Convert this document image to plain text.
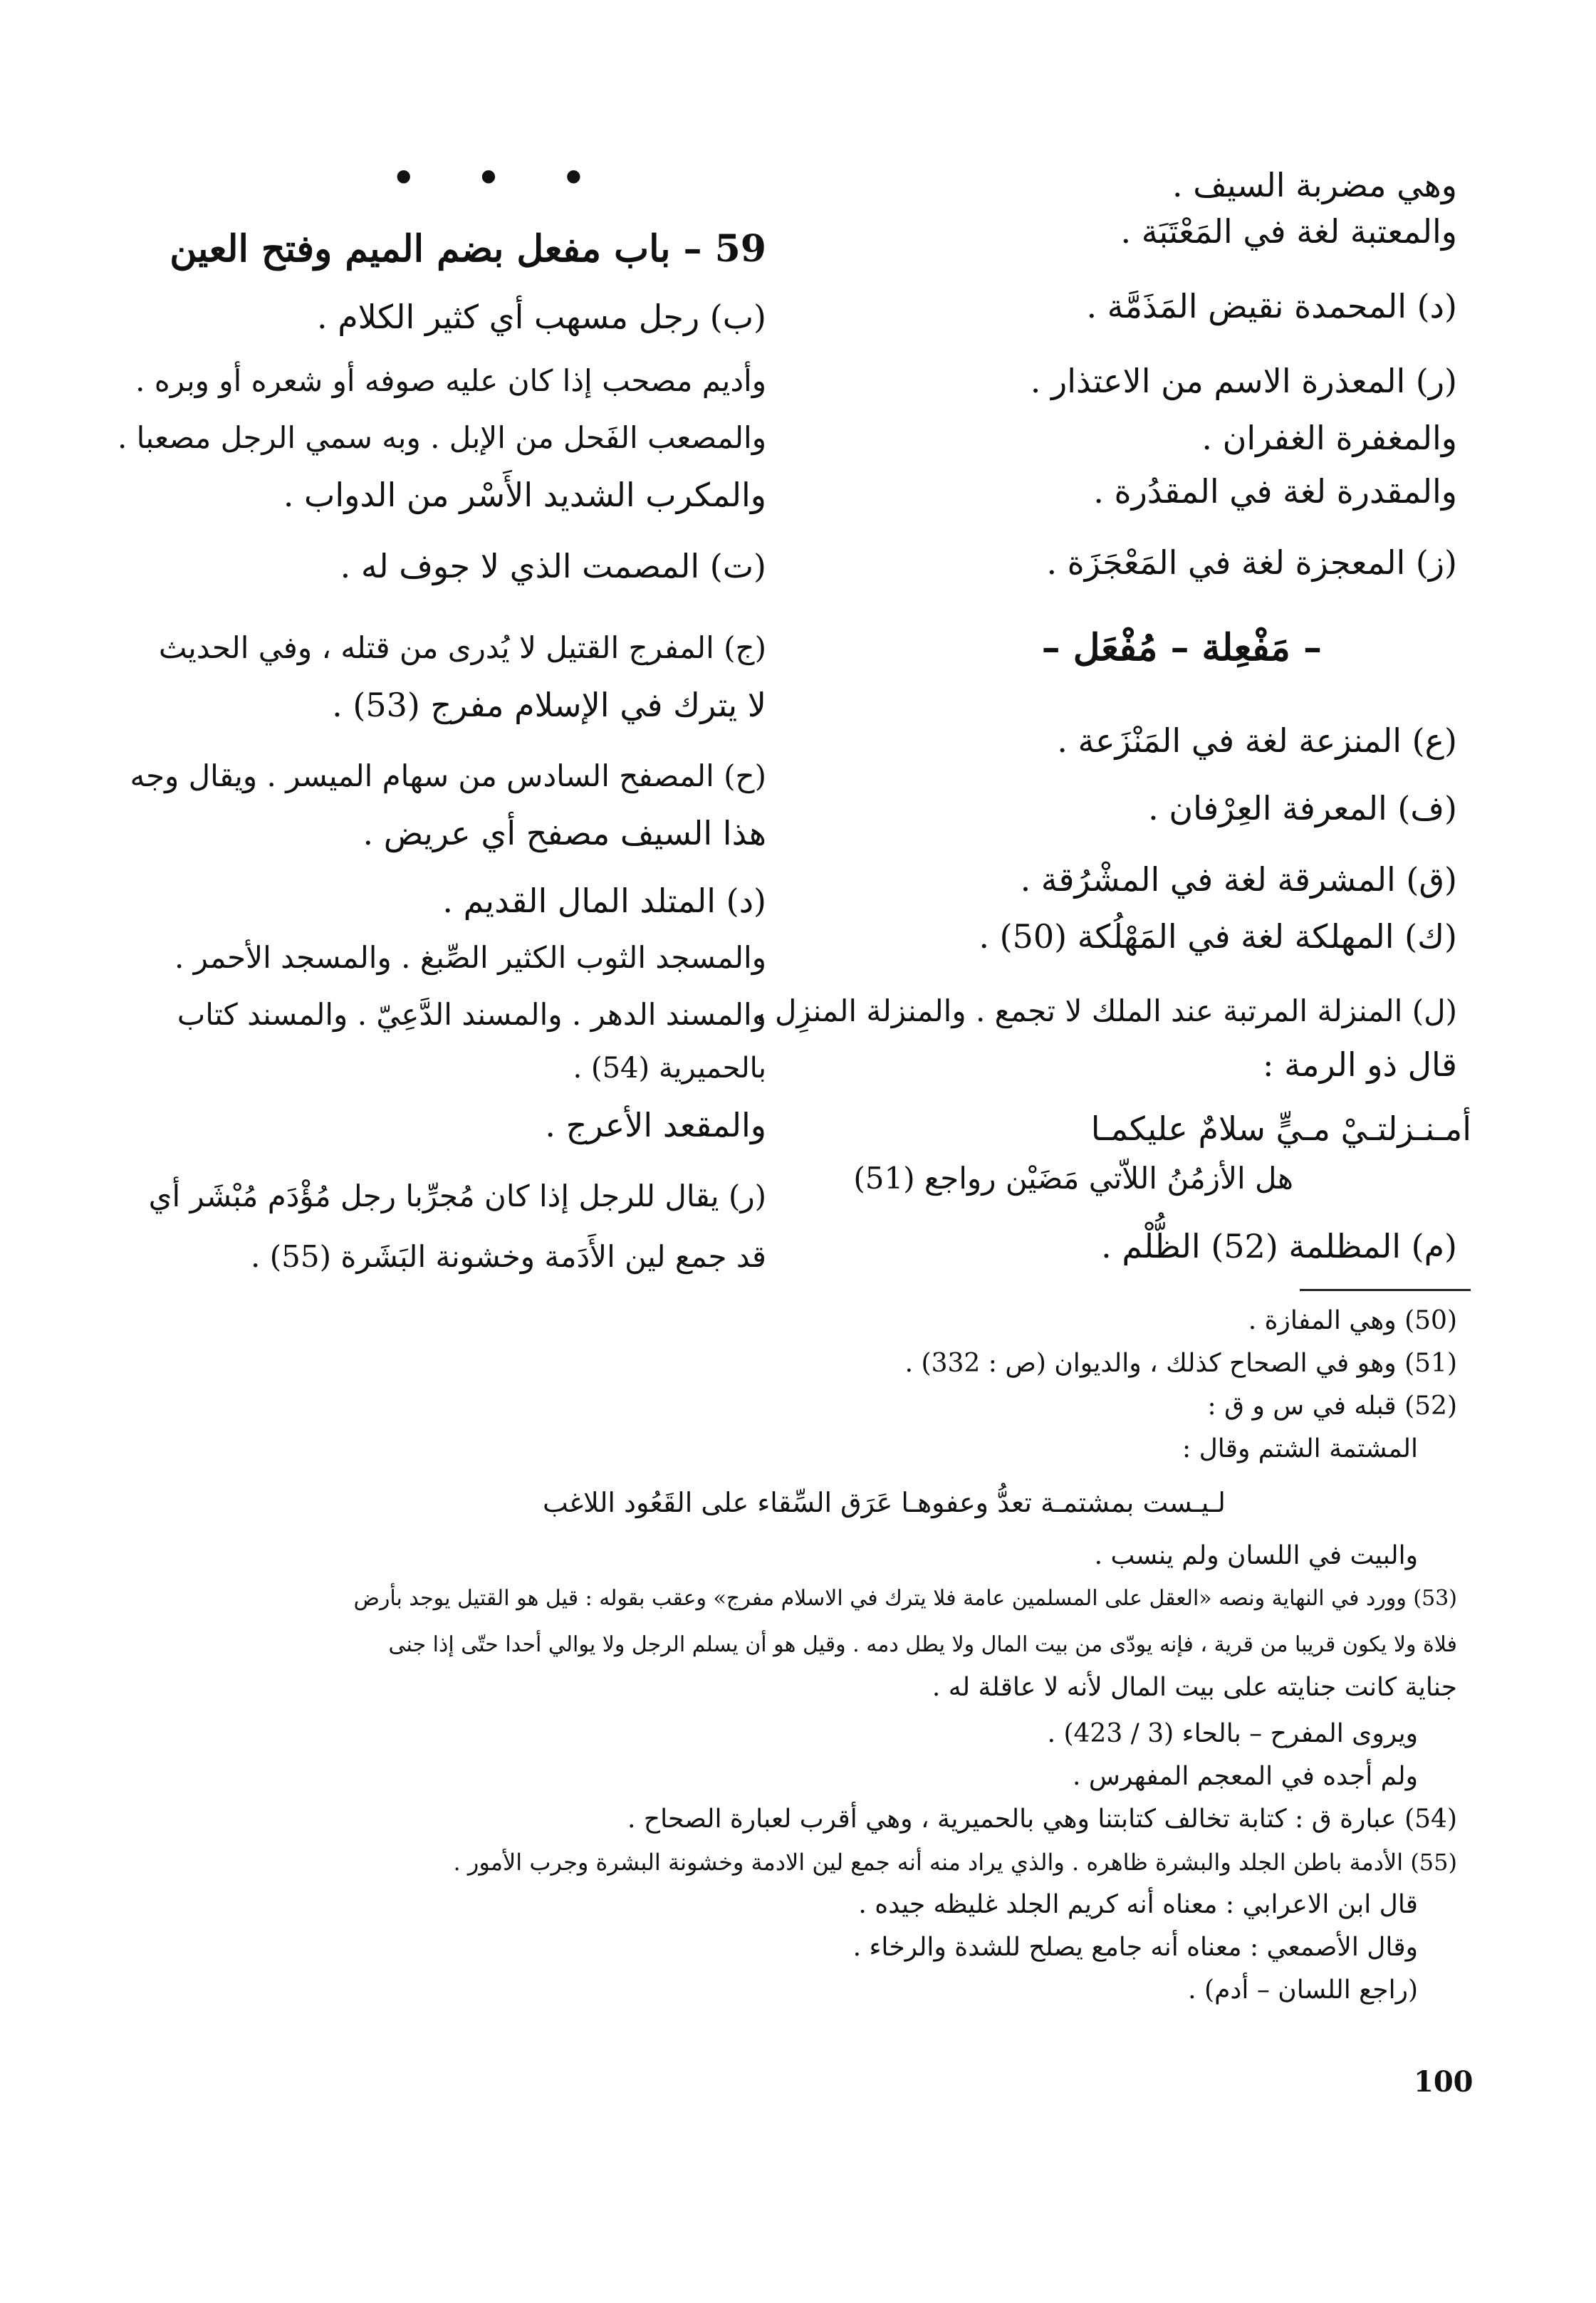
وهي مضربة السيف .
والمعتبة لغة في المَعْتَبَة .
(د) المحمدة نقيض المَذَمَّة .
(ر) المعذرة الاسم من الاعتذار .
والمغفرة الغفران .
والمقدرة لغة في المقدُرة .
(ز) المعجزة لغة في المَعْجَزَة .
– مَفْعِلة – مُفْعَل –
(ع) المنزعة لغة في المَنْزَعة .
(ف) المعرفة العِرْفان .
(ق) المشرقة لغة في المشْرُقة .
(ك) المهلكة لغة في المَهْلُكة (50) .
(ل) المنزلة المرتبة عند الملك لا تجمع . والمنزلة المنزِل ،
قال ذو الرمة :
أمـنـزلتـيْ مـيٍّ سلامٌ عليكمـا
هل الأزمُنُ اللاّتي مَضَيْن رواجع (51)
(م) المظلمة (52) الظُّلْم .
• • •
59 – باب مفعل بضم الميم وفتح العين
(ب) رجل مسهب أي كثير الكلام .
وأديم مصحب إذا كان عليه صوفه أو شعره أو وبره .
والمصعب الفَحل من الإبل . وبه سمي الرجل مصعبا .
والمكرب الشديد الأَسْر من الدواب .
(ت) المصمت الذي لا جوف له .
(ج) المفرج القتيل لا يُدرى من قتله ، وفي الحديث
لا يترك في الإسلام مفرج (53) .
(ح) المصفح السادس من سهام الميسر . ويقال وجه
هذا السيف مصفح أي عريض .
(د) المتلد المال القديم .
والمسجد الثوب الكثير الصِّبغ . والمسجد الأحمر .
والمسند الدهر . والمسند الدَّعِيّ . والمسند كتاب
بالحميرية (54) .
والمقعد الأعرج .
(ر) يقال للرجل إذا كان مُجرِّبا رجل مُؤْدَم مُبْشَر أي
قد جمع لين الأَدَمة وخشونة البَشَرة (55) .
(50) وهي المفازة .
(51) وهو في الصحاح كذلك ، والديوان (ص : 332) .
(52) قبله في س و ق :
المشتمة الشتم وقال :
لـيـست بمشتمـة تعدُّ وعفوهـا عَرَق السِّقاء على القَعُود اللاغب
والبيت في اللسان ولم ينسب .
(53) وورد في النهاية ونصه «العقل على المسلمين عامة فلا يترك في الاسلام مفرج» وعقب بقوله : قيل هو القتيل يوجد بأرض
فلاة ولا يكون قريبا من قرية ، فإنه يودّى من بيت المال ولا يطل دمه . وقيل هو أن يسلم الرجل ولا يوالي أحدا حتّى إذا جنى
جناية كانت جنايته على بيت المال لأنه لا عاقلة له .
ويروى المفرح – بالحاء (3 / 423) .
ولم أجده في المعجم المفهرس .
(54) عبارة ق : كتابة تخالف كتابتنا وهي بالحميرية ، وهي أقرب لعبارة الصحاح .
(55) الأدمة باطن الجلد والبشرة ظاهره . والذي يراد منه أنه جمع لين الادمة وخشونة البشرة وجرب الأمور .
قال ابن الاعرابي : معناه أنه كريم الجلد غليظه جيده .
وقال الأصمعي : معناه أنه جامع يصلح للشدة والرخاء .
(راجع اللسان – أدم) .
100
